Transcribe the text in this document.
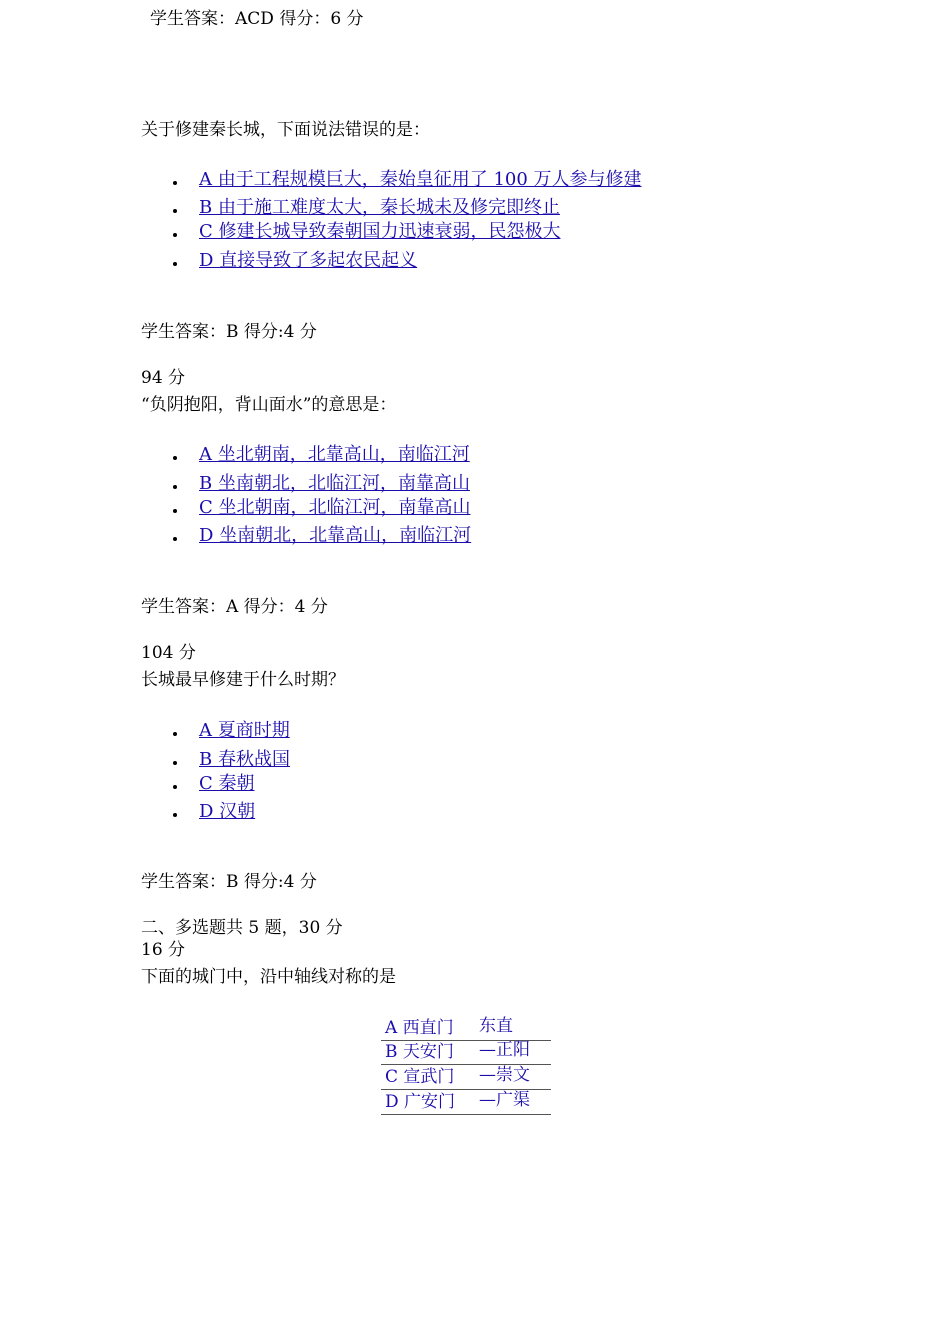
学生答案：ACD 得分：6 分
关于修建秦长城，下面说法错误的是：
A 由于工程规模巨大，秦始皇征用了 100 万人参与修建
B 由于施工难度太大，秦长城未及修完即终止
C 修建长城导致秦朝国力迅速衰弱，民怨极大
D 直接导致了多起农民起义
学生答案：B 得分:4 分
94 分
“负阴抱阳，背山面水”的意思是：
A 坐北朝南，北靠高山，南临江河
B 坐南朝北，北临江河，南靠高山
C 坐北朝南，北临江河，南靠高山
D 坐南朝北，北靠高山，南临江河
学生答案：A 得分：4 分
104 分
长城最早修建于什么时期？
A 夏商时期
B 春秋战国
C 秦朝
D 汉朝
学生答案：B 得分:4 分
二、多选题共 5 题，30 分
16 分
下面的城门中，沿中轴线对称的是
A 西直门 东直
B 天安门 —正阳
C 宣武门 —崇文
D 广安门 —广渠
